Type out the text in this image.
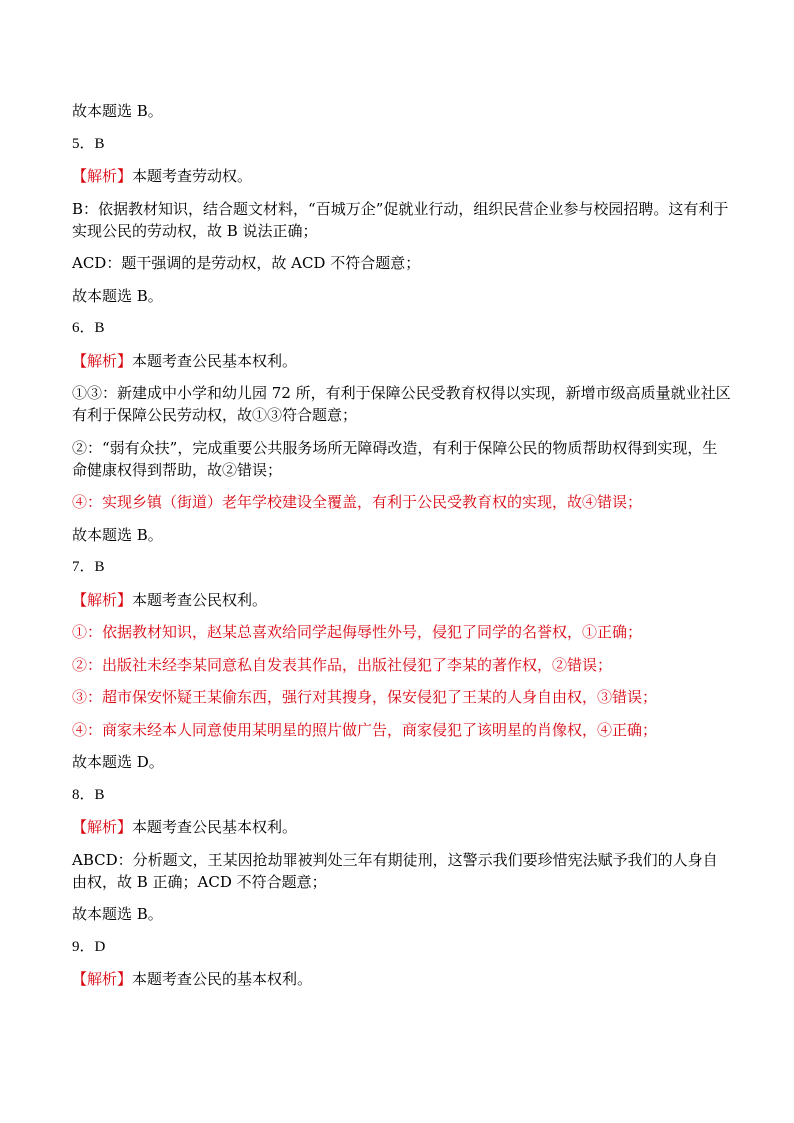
故本题选 B。
5．B
【解析】本题考查劳动权。
B：依据教材知识，结合题文材料，“百城万企”促就业行动，组织民营企业参与校园招聘。这有利于实现公民的劳动权，故 B 说法正确；
ACD：题干强调的是劳动权，故 ACD 不符合题意；
故本题选 B。
6．B
【解析】本题考查公民基本权利。
①③：新建成中小学和幼儿园 72 所，有利于保障公民受教育权得以实现，新增市级高质量就业社区有利于保障公民劳动权，故①③符合题意；
②：“弱有众扶”，完成重要公共服务场所无障碍改造，有利于保障公民的物质帮助权得到实现，生命健康权得到帮助，故②错误；
④：实现乡镇（街道）老年学校建设全覆盖，有利于公民受教育权的实现，故④错误；
故本题选 B。
7．B
【解析】本题考查公民权利。
①：依据教材知识，赵某总喜欢给同学起侮辱性外号，侵犯了同学的名誉权，①正确；
②：出版社未经李某同意私自发表其作品，出版社侵犯了李某的著作权，②错误；
③：超市保安怀疑王某偷东西，强行对其搜身，保安侵犯了王某的人身自由权，③错误；
④：商家未经本人同意使用某明星的照片做广告，商家侵犯了该明星的肖像权，④正确；
故本题选 D。
8．B
【解析】本题考查公民基本权利。
ABCD：分析题文，王某因抢劫罪被判处三年有期徒刑，这警示我们要珍惜宪法赋予我们的人身自由权，故 B 正确；ACD 不符合题意；
故本题选 B。
9．D
【解析】本题考查公民的基本权利。
